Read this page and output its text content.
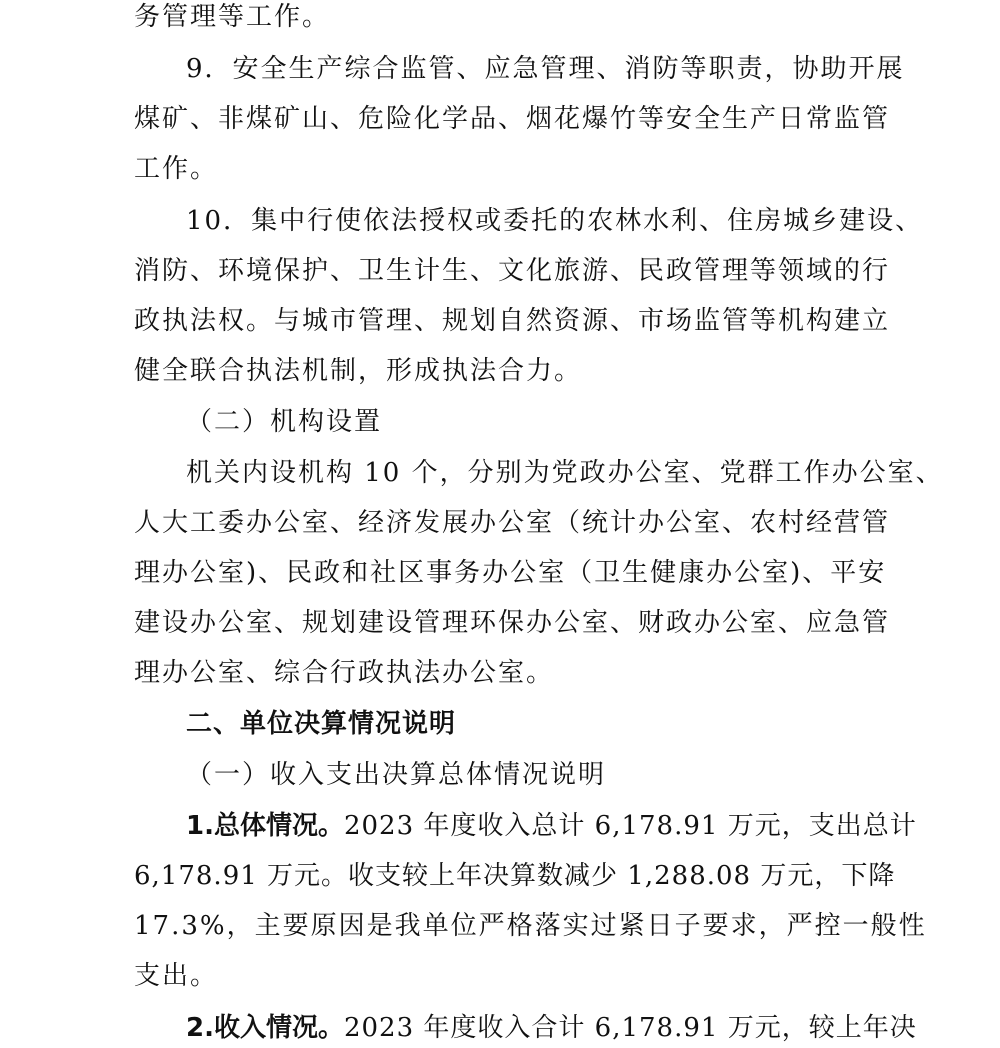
务管理等工作。
9．安全生产综合监管、应急管理、消防等职责，协助开展
煤矿、非煤矿山、危险化学品、烟花爆竹等安全生产日常监管
工作。
10．集中行使依法授权或委托的农林水利、住房城乡建设、
消防、环境保护、卫生计生、文化旅游、民政管理等领域的行
政执法权。与城市管理、规划自然资源、市场监管等机构建立
健全联合执法机制，形成执法合力。
（二）机构设置
机关内设机构 10 个，分别为党政办公室、党群工作办公室、
人大工委办公室、经济发展办公室（统计办公室、农村经营管
理办公室)、民政和社区事务办公室（卫生健康办公室)、平安
建设办公室、规划建设管理环保办公室、财政办公室、应急管
理办公室、综合行政执法办公室。
二、单位决算情况说明
（一）收入支出决算总体情况说明
1.总体情况。2023 年度收入总计 6,178.91 万元，支出总计
6,178.91 万元。收支较上年决算数减少 1,288.08 万元，下降
17.3%，主要原因是我单位严格落实过紧日子要求，严控一般性
支出。
2.收入情况。2023 年度收入合计 6,178.91 万元，较上年决
